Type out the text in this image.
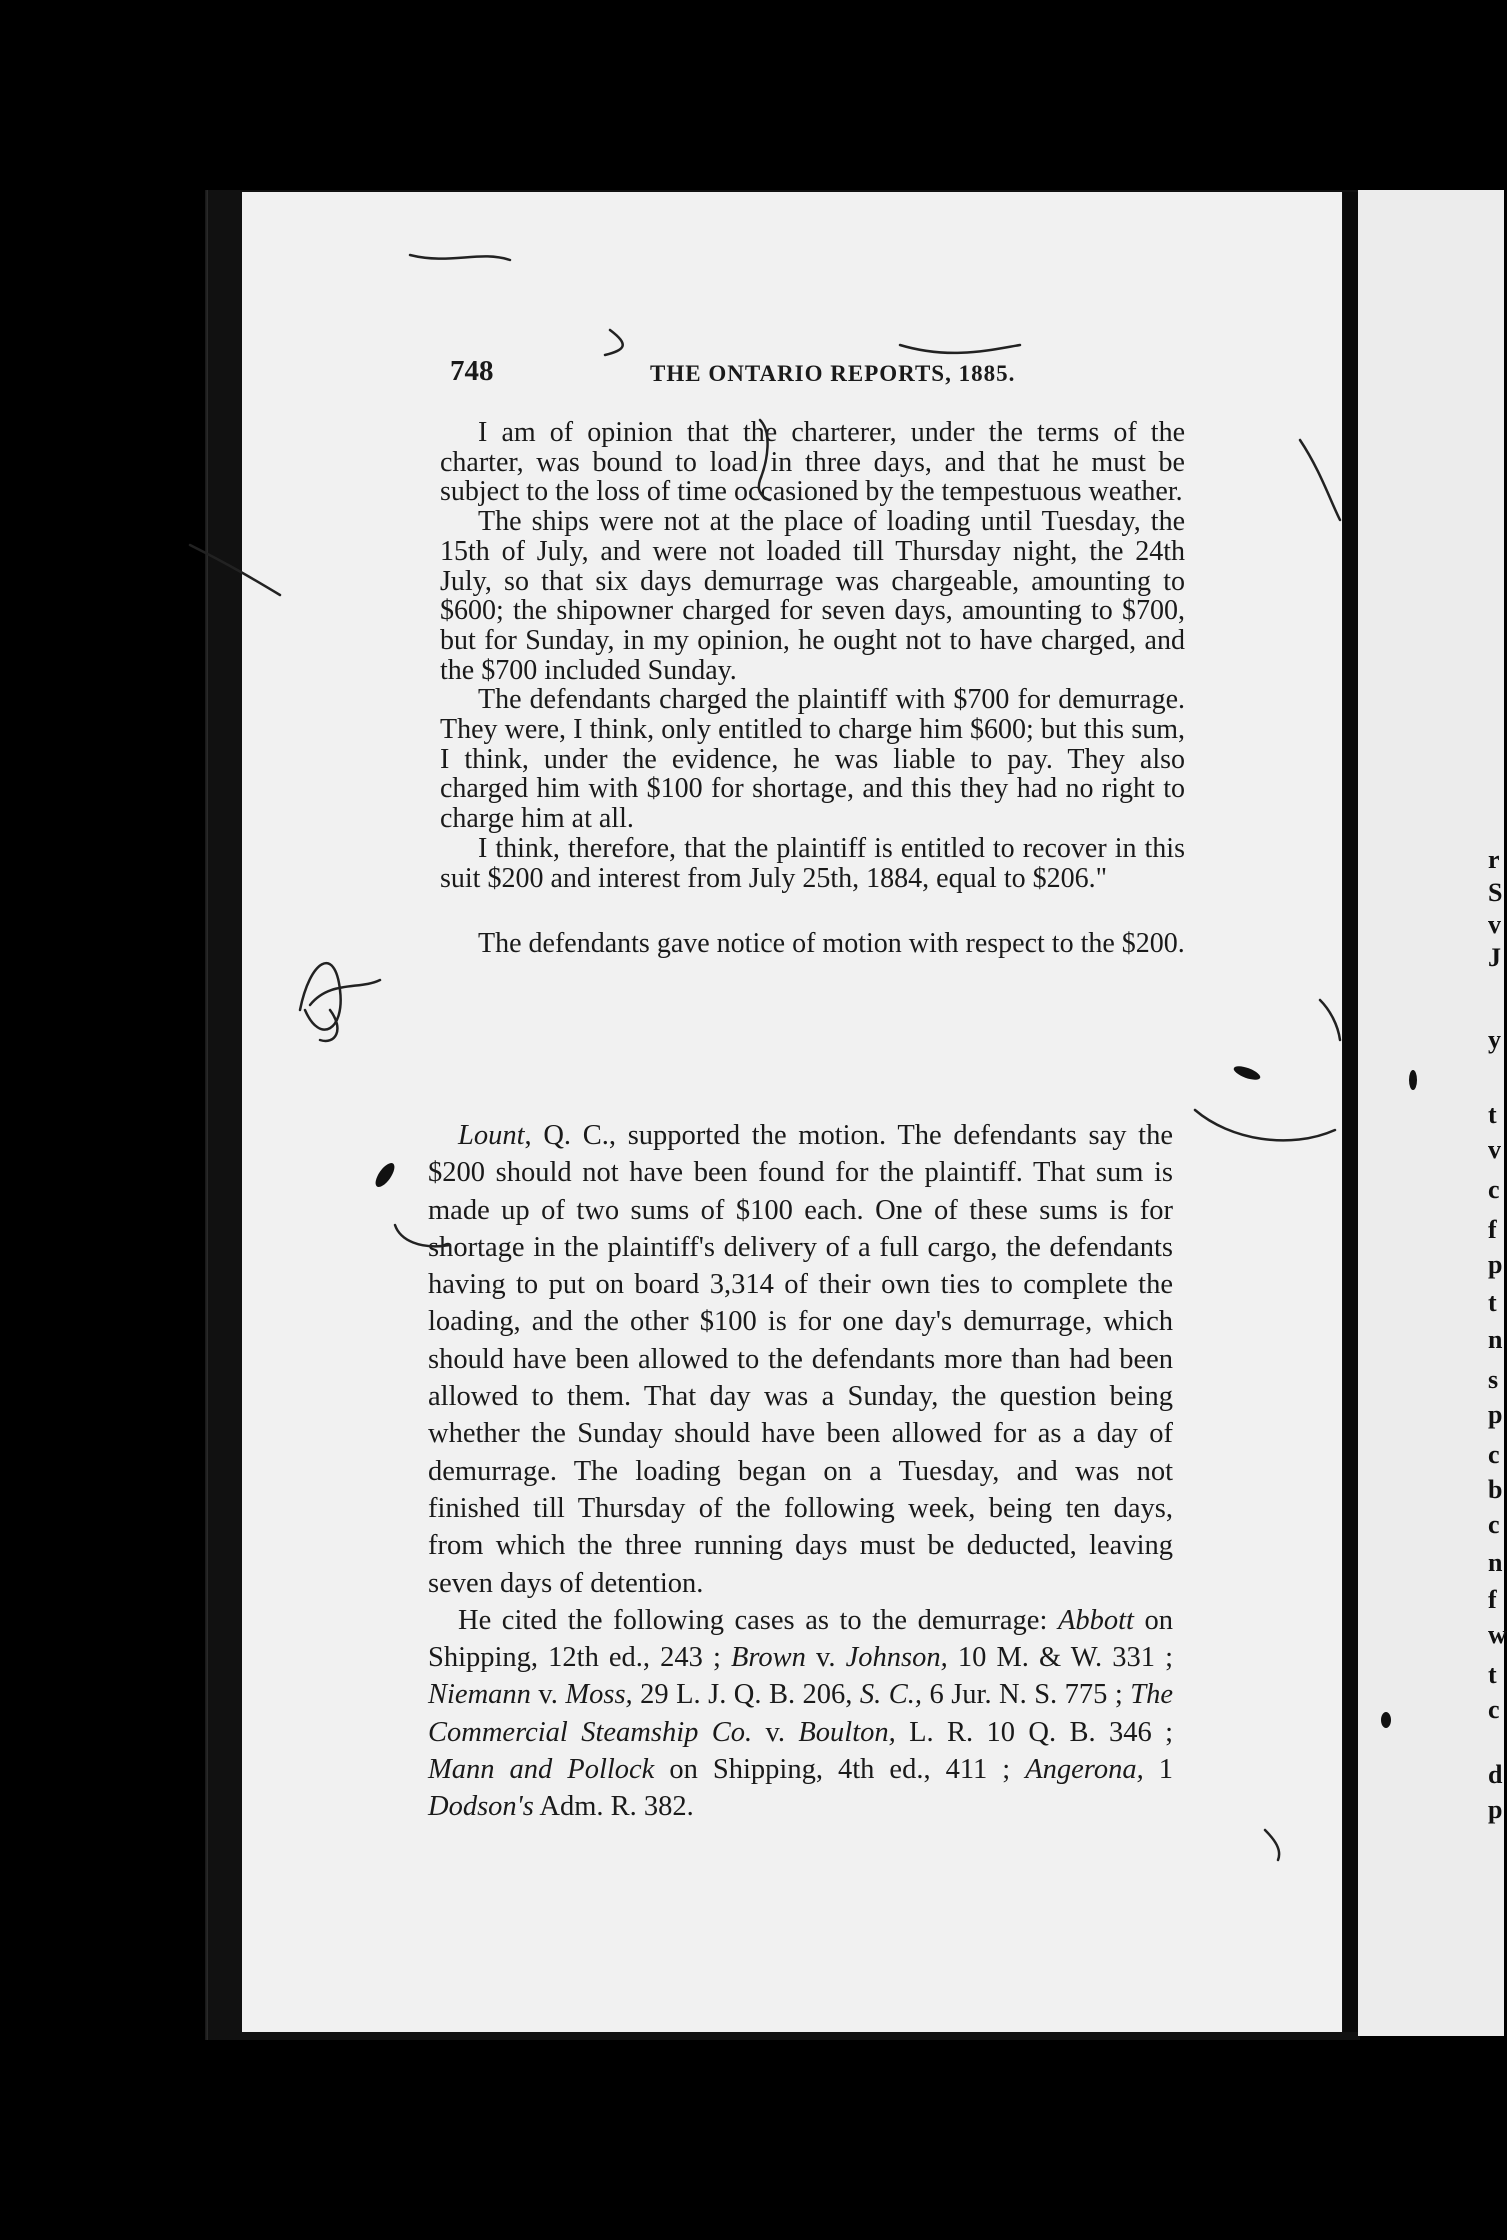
748	THE ONTARIO REPORTS, 1885.

I am of opinion that the charterer, under the terms of the charter, was bound to load in three days, and that he must be subject to the loss of time occasioned by the tempestuous weather.

The ships were not at the place of loading until Tuesday, the 15th of July, and were not loaded till Thursday night, the 24th July, so that six days demurrage was chargeable, amounting to $600; the shipowner charged for seven days, amounting to $700, but for Sunday, in my opinion, he ought not to have charged, and the $700 included Sunday.

The defendants charged the plaintiff with $700 for demurrage. They were, I think, only entitled to charge him $600; but this sum, I think, under the evidence, he was liable to pay. They also charged him with $100 for shortage, and this they had no right to charge him at all.

I think, therefore, that the plaintiff is entitled to recover in this suit $200 and interest from July 25th, 1884, equal to $206."

The defendants gave notice of motion with respect to the $200.

Lount, Q. C., supported the motion. The defendants say the $200 should not have been found for the plaintiff. That sum is made up of two sums of $100 each. One of these sums is for shortage in the plaintiff's delivery of a full cargo, the defendants having to put on board 3,314 of their own ties to complete the loading, and the other $100 is for one day's demurrage, which should have been allowed to the defendants more than had been allowed to them. That day was a Sunday, the question being whether the Sunday should have been allowed for as a day of demurrage. The loading began on a Tuesday, and was not finished till Thursday of the following week, being ten days, from which the three running days must be deducted, leaving seven days of detention.

He cited the following cases as to the demurrage: Abbott on Shipping, 12th ed., 243 ; Brown v. Johnson, 10 M. & W. 331 ; Niemann v. Moss, 29 L. J. Q. B. 206, S. C., 6 Jur. N. S. 775 ; The Commercial Steamship Co. v. Boulton, L. R. 10 Q. B. 346 ; Mann and Pollock on Shipping, 4th ed., 411 ; Angerona, 1 Dodson's Adm. R. 382.

r
S
v
J
y
t
v
c
f
p
t
n
s
p
c
b
c
n
f
w
t
c
d
p
